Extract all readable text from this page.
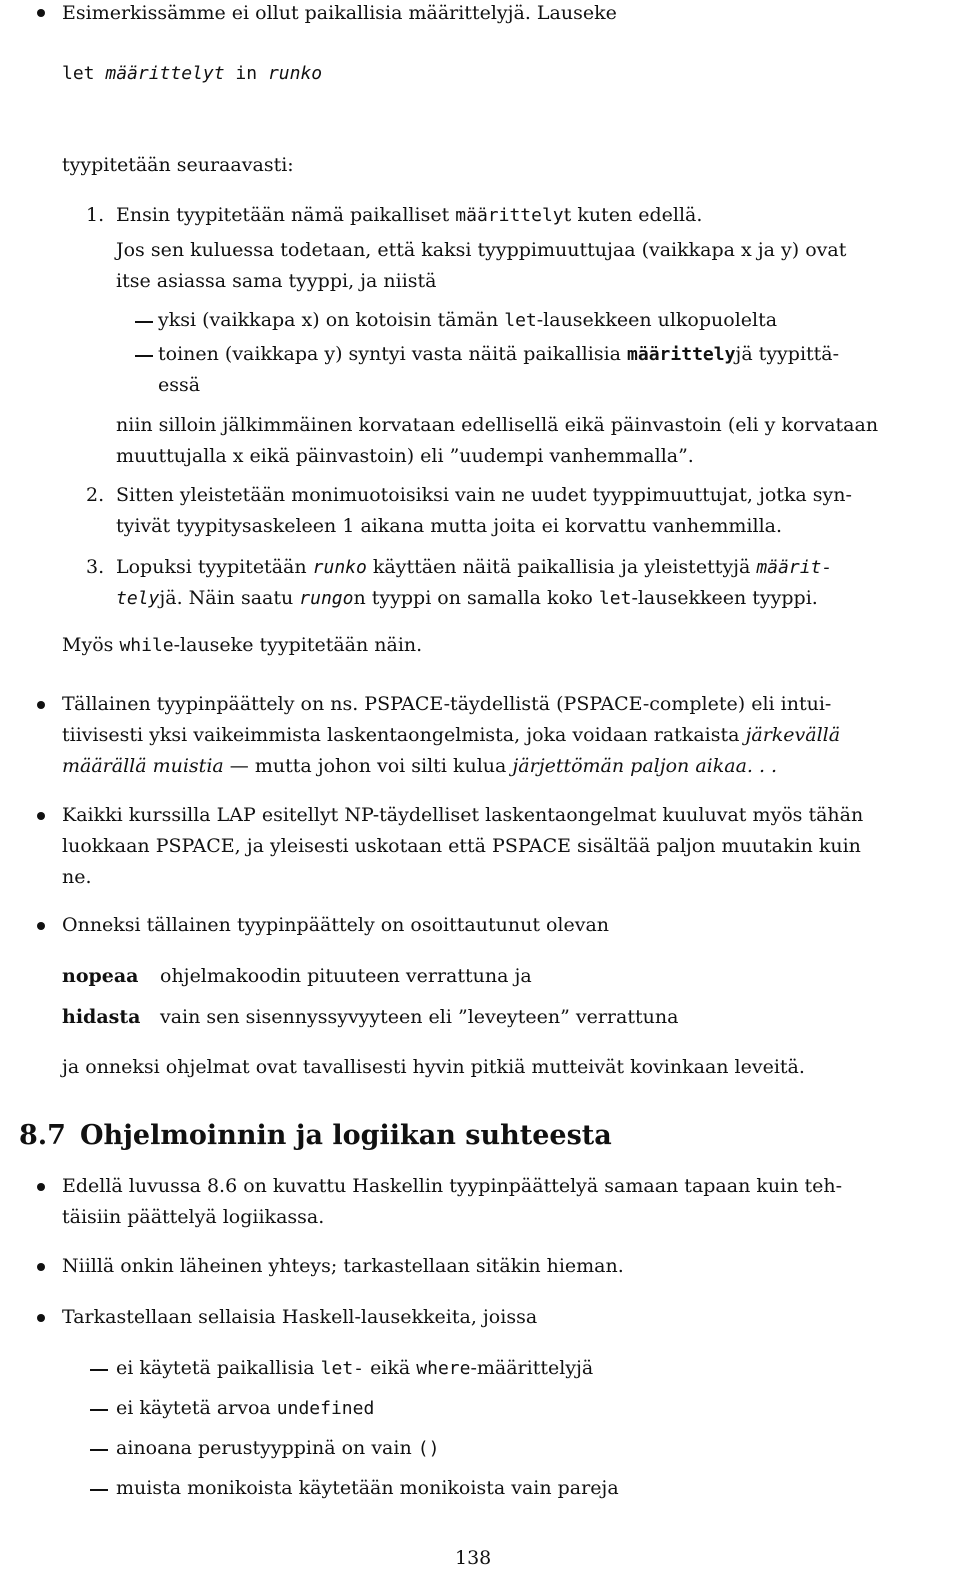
Esimerkissämme ei ollut paikallisia määrittelyjä. Lauseke
let määrittelyt in runko
tyypitetään seuraavasti:
1. Ensin tyypitetään nämä paikalliset määrittelyt kuten edellä.
Jos sen kuluessa todetaan, että kaksi tyyppimuuttujaa (vaikkapa x ja y) ovat
itse asiassa sama tyyppi, ja niistä
yksi (vaikkapa x) on kotoisin tämän let-lausekkeen ulkopuolelta
toinen (vaikkapa y) syntyi vasta näitä paikallisia määrittelyjä tyypittä-
essä
niin silloin jälkimmäinen korvataan edellisellä eikä päinvastoin (eli y korvataan
muuttujalla x eikä päinvastoin) eli ”uudempi vanhemmalla”.
2. Sitten yleistetään monimuotoisiksi vain ne uudet tyyppimuuttujat, jotka syn-
tyivät tyypitysaskeleen 1 aikana mutta joita ei korvattu vanhemmilla.
3. Lopuksi tyypitetään runko käyttäen näitä paikallisia ja yleistettyjä määrit-
telyjä. Näin saatu rungon tyyppi on samalla koko let-lausekkeen tyyppi.
Myös while-lauseke tyypitetään näin.
Tällainen tyypinpäättely on ns. PSPACE-täydellistä (PSPACE-complete) eli intui-
tiivisesti yksi vaikeimmista laskentaongelmista, joka voidaan ratkaista järkevällä
määrällä muistia — mutta johon voi silti kulua järjettömän paljon aikaa. . .
Kaikki kurssilla LAP esitellyt NP-täydelliset laskentaongelmat kuuluvat myös tähän
luokkaan PSPACE, ja yleisesti uskotaan että PSPACE sisältää paljon muutakin kuin
ne.
Onneksi tällainen tyypinpäättely on osoittautunut olevan
nopeaa ohjelmakoodin pituuteen verrattuna ja
hidasta vain sen sisennyssyvyyteen eli ”leveyteen” verrattuna
ja onneksi ohjelmat ovat tavallisesti hyvin pitkiä mutteivät kovinkaan leveitä.
8.7 Ohjelmoinnin ja logiikan suhteesta
Edellä luvussa 8.6 on kuvattu Haskellin tyypinpäättelyä samaan tapaan kuin teh-
täisiin päättelyä logiikassa.
Niillä onkin läheinen yhteys; tarkastellaan sitäkin hieman.
Tarkastellaan sellaisia Haskell-lausekkeita, joissa
ei käytetä paikallisia let- eikä where-määrittelyjä
ei käytetä arvoa undefined
ainoana perustyyppinä on vain ()
muista monikoista käytetään monikoista vain pareja
138
